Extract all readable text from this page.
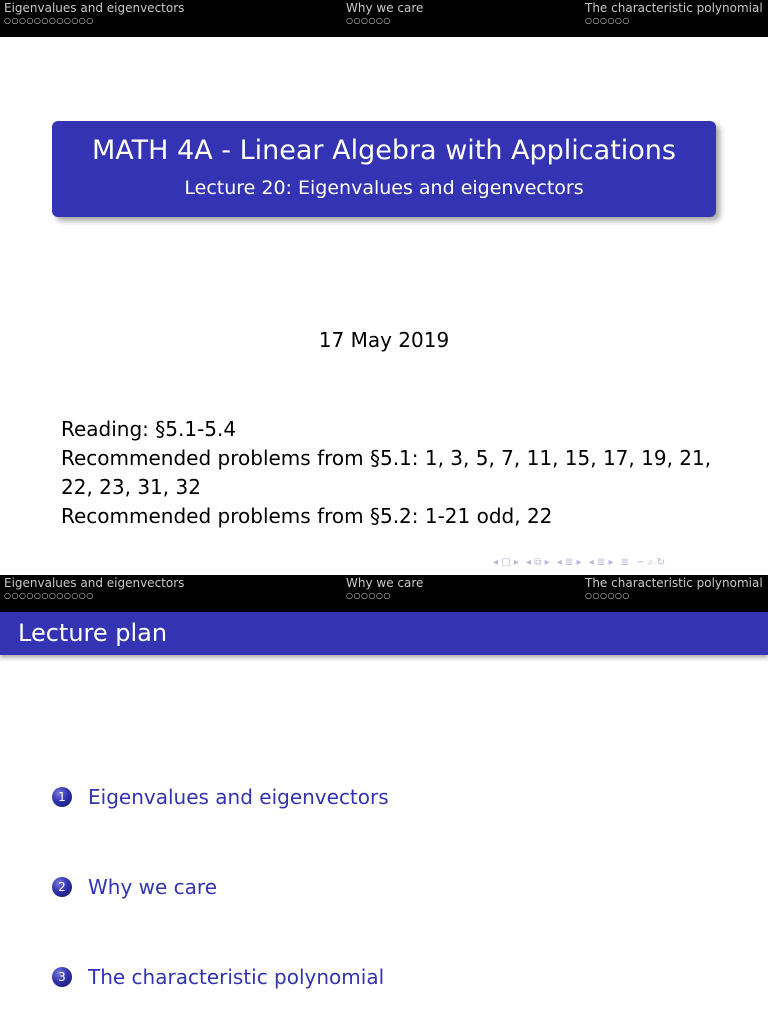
Eigenvalues and eigenvectors
○○○○○○○○○○○○
Why we care
○○○○○○
The characteristic polynomial
○○○○○○
MATH 4A - Linear Algebra with Applications
Lecture 20: Eigenvalues and eigenvectors
17 May 2019
Reading: §5.1-5.4
Recommended problems from §5.1: 1, 3, 5, 7, 11, 15, 17, 19, 21,
22, 23, 31, 32
Recommended problems from §5.2: 1-21 odd, 22
◂ □ ▸ ◂ ⧉ ▸ ◂ ≣ ▸ ◂ ≣ ▸ ≣ ∽ ⌕ ↻
Eigenvalues and eigenvectors
○○○○○○○○○○○○
Why we care
○○○○○○
The characteristic polynomial
○○○○○○
Lecture plan
1	Eigenvalues and eigenvectors
2	Why we care
3	The characteristic polynomial
